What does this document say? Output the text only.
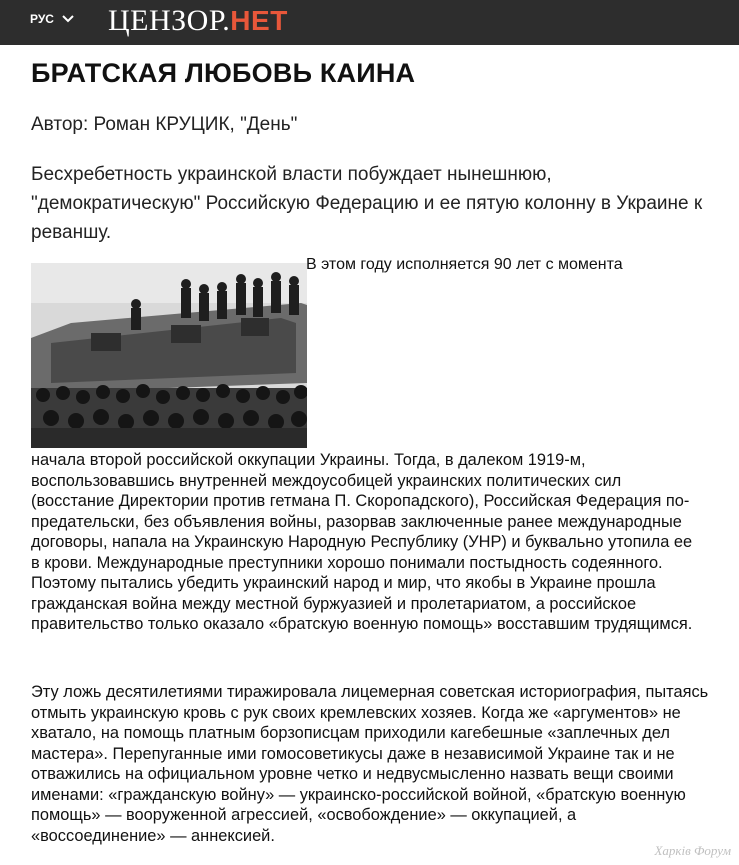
РУС ЦЕНЗОР. НЕТ
БРАТСКАЯ ЛЮБОВЬ КАИНА
Автор: Роман КРУЦИК, "День"
Бесхребетность украинской власти побуждает нынешнюю, "демократическую" Российскую Федерацию и ее пятую колонну в Украине к реваншу.
В этом году исполняется 90 лет с момента

начала второй российской оккупации Украины. Тогда, в далеком 1919-м, воспользовавшись внутренней междоусобицей украинских политических сил (восстание Директории против гетмана П. Скоропадского), Российская Федерация по-предательски, без объявления войны, разорвав заключенные ранее международные договоры, напала на Украинскую Народную Республику (УНР) и буквально утопила ее в крови. Международные преступники хорошо понимали постыдность содеянного. Поэтому пытались убедить украинский народ и мир, что якобы в Украине прошла гражданская война между местной буржуазией и пролетариатом, а российское правительство только оказало «братскую военную помощь» восставшим трудящимся.

Эту ложь десятилетиями тиражировала лицемерная советская историография, пытаясь отмыть украинскую кровь с рук своих кремлевских хозяев. Когда же «аргументов» не хватало, на помощь платным борзописцам приходили кагебешные «заплечных дел мастера». Перепуганные ими гомосоветикусы даже в независимой Украине так и не отважились на официальном уровне четко и недвусмысленно назвать вещи своими именами: «гражданскую войну» — украинско-российской войной, «братскую военную помощь» — вооруженной агрессией, «освобождение» — оккупацией, а «воссоединение» — аннексией.

Харків Форум
